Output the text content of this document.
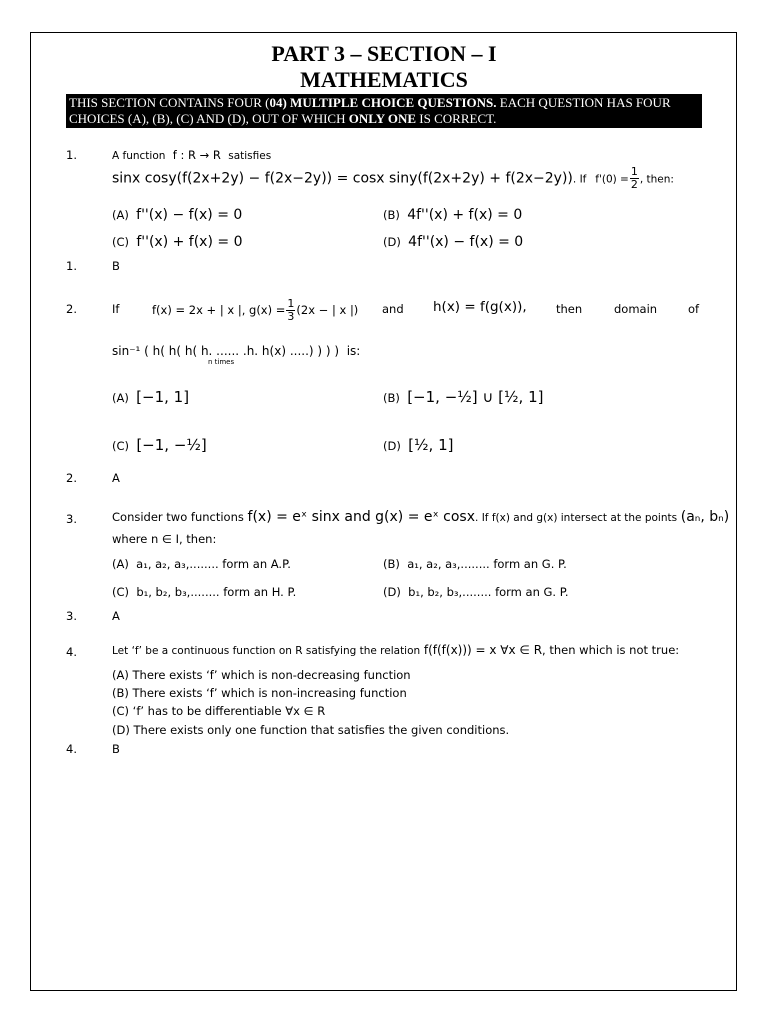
PART 3 – SECTION – I
MATHEMATICS
THIS SECTION CONTAINS FOUR (04) MULTIPLE CHOICE QUESTIONS. EACH QUESTION HAS FOUR
CHOICES (A), (B), (C) AND (D), OUT OF WHICH ONLY ONE IS CORRECT.
1.	A function f : R → R satisfies
sinx cosy(f(2x+2y) − f(2x−2y)) = cosx siny(f(2x+2y) + f(2x−2y)). If $f'(0) = \frac{1}{2}$ , then:
(A) f''(x) − f(x) = 0	(B) 4f''(x) + f(x) = 0
(C) f''(x) + f(x) = 0	(D) 4f''(x) − f(x) = 0
1.	B
2.	If	f(x) = 2x + | x |, $g(x) = \frac{1}{3} (2x$ − | x |) and h(x) = f(g(x)),	then	domain	of
sin⁻¹ ( h( h( h( h. ...... .h. h(x) .....) ) ) ) is:
n times
(A) [−1, 1]	(B) [−1, −½] ∪ [½, 1]
(C) [−1, −½]	(D) [½, 1]
2.	A
3.	Consider two functions f(x) = eˣ sinx and g(x) = eˣ cosx. If f(x) and g(x) intersect at the points (aₙ, bₙ)
where n ∈ I, then:
(A) a₁, a₂, a₃,........ form an A.P.	(B) a₁, a₂, a₃,........ form an G. P.
(C) b₁, b₂, b₃,........ form an H. P.	(D) b₁, b₂, b₃,........ form an G. P.
3.	A
4.	Let ‘f’ be a continuous function on R satisfying the relation f(f(f(x))) = x ∀x ∈ R, then which is not true:
(A) There exists ‘f’ which is non-decreasing function
(B) There exists ‘f’ which is non-increasing function
(C) ‘f’ has to be differentiable ∀x ∈ R
(D) There exists only one function that satisfies the given conditions.
4.	B
